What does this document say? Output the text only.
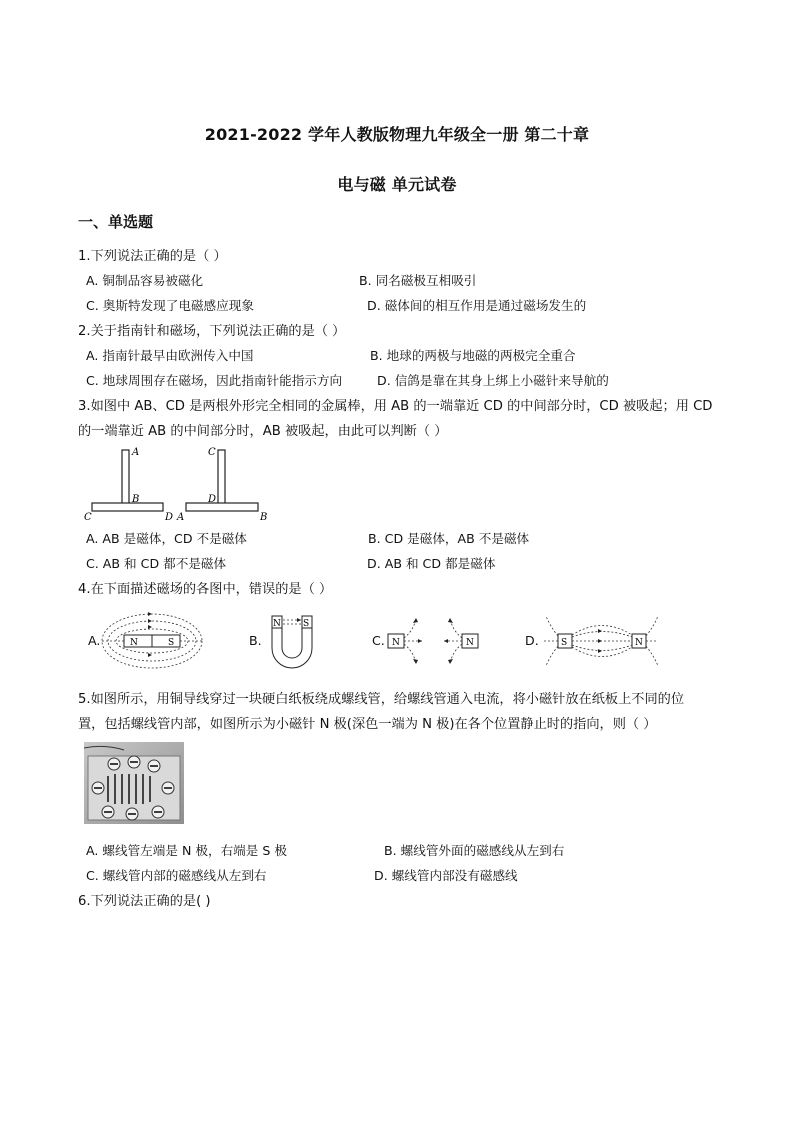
2021-2022 学年人教版物理九年级全一册 第二十章
电与磁 单元试卷
一、单选题
1.下列说法正确的是（ ）
A. 铜制品容易被磁化	B. 同名磁极互相吸引
C. 奥斯特发现了电磁感应现象	D. 磁体间的相互作用是通过磁场发生的
2.关于指南针和磁场，下列说法正确的是（ ）
A. 指南针最早由欧洲传入中国	B. 地球的两极与地磁的两极完全重合
C. 地球周围存在磁场，因此指南针能指示方向	D. 信鸽是靠在其身上绑上小磁针来导航的
3.如图中 AB、CD 是两根外形完全相同的金属棒，用 AB 的一端靠近 CD 的中间部分时，CD 被吸起；用 CD
的一端靠近 AB 的中间部分时，AB 被吸起，由此可以判断（ ）
A
B
C	D
C
D
A	B
A. AB 是磁体，CD 不是磁体	B. CD 是磁体，AB 不是磁体
C. AB 和 CD 都不是磁体	D. AB 和 CD 都是磁体
4.在下面描述磁场的各图中，错误的是（ ）
A.	N	S	B.
N S
C. N	N	D. S	N
5.如图所示，用铜导线穿过一块硬白纸板绕成螺线管，给螺线管通入电流，将小磁针放在纸板上不同的位
置，包括螺线管内部，如图所示为小磁针 N 极(深色一端为 N 极)在各个位置静止时的指向，则（ ）
A. 螺线管左端是 N 极，右端是 S 极	B. 螺线管外面的磁感线从左到右
C. 螺线管内部的磁感线从左到右	D. 螺线管内部没有磁感线
6.下列说法正确的是( )
